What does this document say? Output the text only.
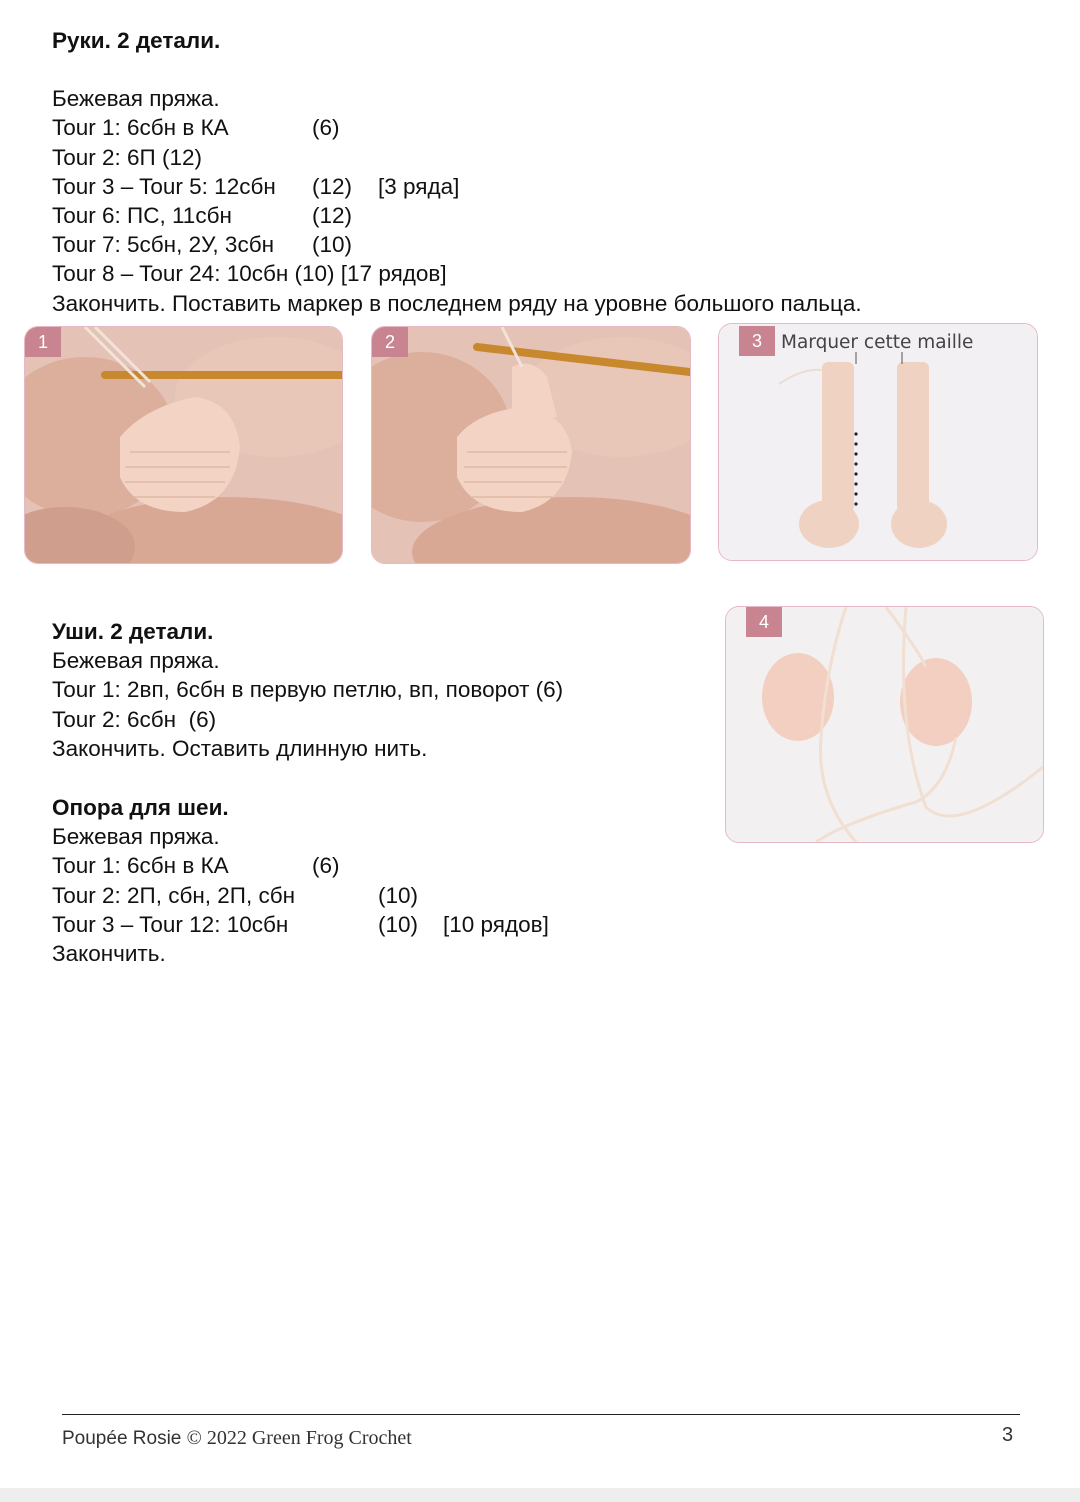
Руки. 2 детали.
Бежевая пряжа.
Tour 1: 6сбн в КА	(6)
Tour 2: 6П (12)
Tour 3 – Tour 5: 12сбн (12) [3 ряда]
Tour 6: ПС, 11сбн	(12)
Tour 7: 5сбн, 2У, 3сбн (10)
Tour 8 – Tour 24: 10сбн (10) [17 рядов]
Закончить. Поставить маркер в последнем ряду на уровне большого пальца.
1	2	3	Marquer cette maille
Уши. 2 детали.
Бежевая пряжа.
Tour 1: 2вп, 6сбн в первую петлю, вп, поворот (6)
Tour 2: 6сбн  (6)
Закончить. Оставить длинную нить.
4
Опора для шеи.
Бежевая пряжа.
Tour 1: 6сбн в КА	(6)
Tour 2: 2П, сбн, 2П, сбн	(10)
Tour 3 – Tour 12: 10сбн	(10) [10 рядов]
Закончить.
Poupée Rosie © 2022 Green Frog Crochet	3
